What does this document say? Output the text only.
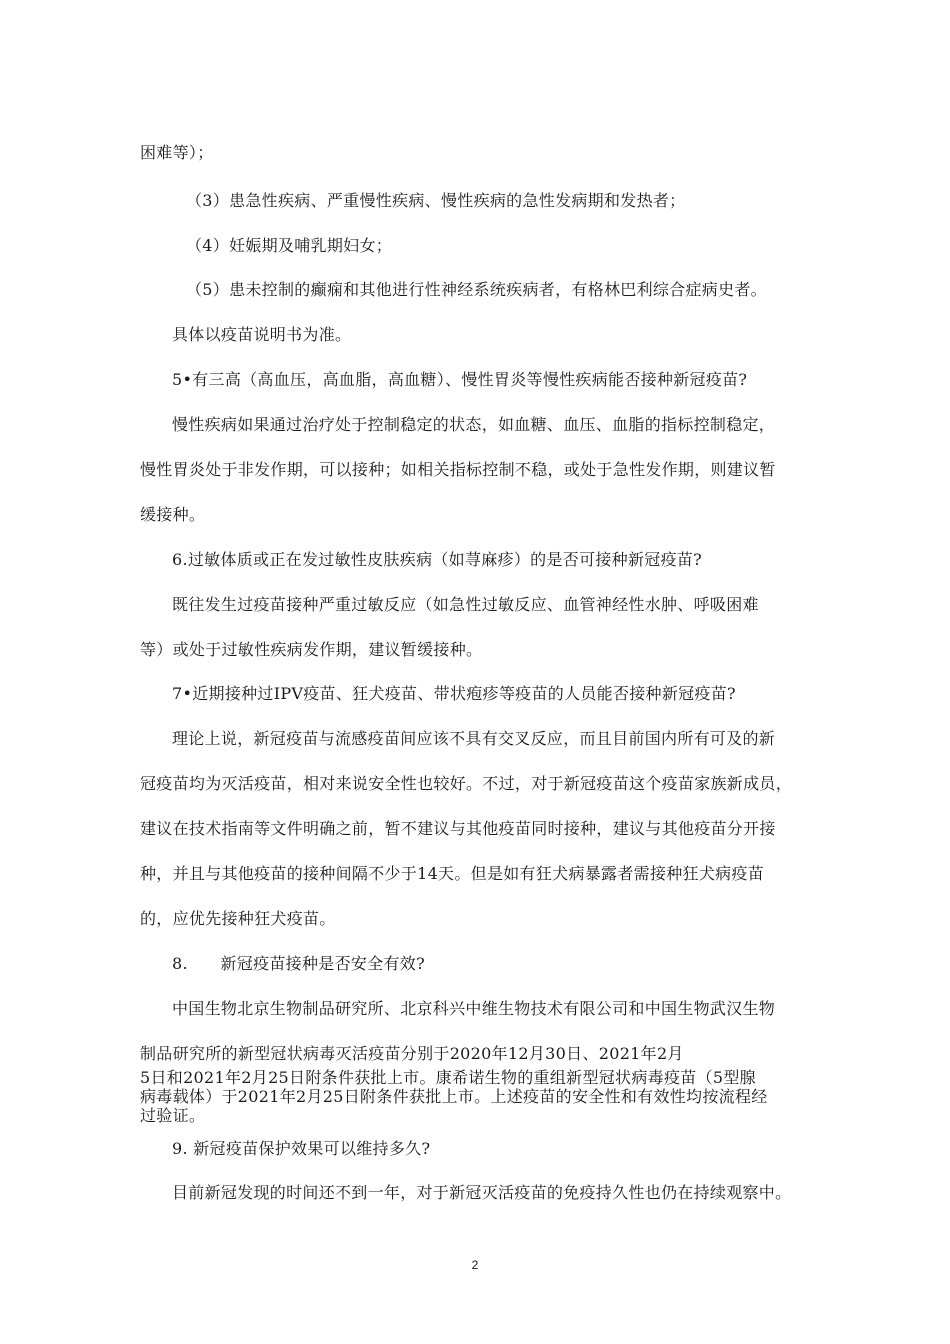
困难等）；
（3）患急性疾病、严重慢性疾病、慢性疾病的急性发病期和发热者；
（4）妊娠期及哺乳期妇女；
（5）患未控制的癫痫和其他进行性神经系统疾病者，有格林巴利综合症病史者。
具体以疫苗说明书为准。
5•有三高（高血压，高血脂，高血糖）、慢性胃炎等慢性疾病能否接种新冠疫苗?
慢性疾病如果通过治疗处于控制稳定的状态，如血糖、血压、血脂的指标控制稳定，
慢性胃炎处于非发作期，可以接种；如相关指标控制不稳，或处于急性发作期，则建议暂
缓接种。
6.过敏体质或正在发过敏性皮肤疾病（如荨麻疹）的是否可接种新冠疫苗?
既往发生过疫苗接种严重过敏反应（如急性过敏反应、血管神经性水肿、呼吸困难
等）或处于过敏性疾病发作期，建议暂缓接种。
7•近期接种过IPV疫苗、狂犬疫苗、带状疱疹等疫苗的人员能否接种新冠疫苗?
理论上说，新冠疫苗与流感疫苗间应该不具有交叉反应，而且目前国内所有可及的新
冠疫苗均为灭活疫苗，相对来说安全性也较好。不过，对于新冠疫苗这个疫苗家族新成员，
建议在技术指南等文件明确之前，暂不建议与其他疫苗同时接种，建议与其他疫苗分开接
种，并且与其他疫苗的接种间隔不少于14天。但是如有狂犬病暴露者需接种狂犬病疫苗
的，应优先接种狂犬疫苗。
8.　　新冠疫苗接种是否安全有效?
中国生物北京生物制品研究所、北京科兴中维生物技术有限公司和中国生物武汉生物
制品研究所的新型冠状病毒灭活疫苗分别于2020年12月30日、2021年2月
5日和2021年2月25日附条件获批上市。康希诺生物的重组新型冠状病毒疫苗（5型腺
病毒载体）于2021年2月25日附条件获批上市。上述疫苗的安全性和有效性均按流程经
过验证。
9. 新冠疫苗保护效果可以维持多久?
目前新冠发现的时间还不到一年，对于新冠灭活疫苗的免疫持久性也仍在持续观察中。
2
